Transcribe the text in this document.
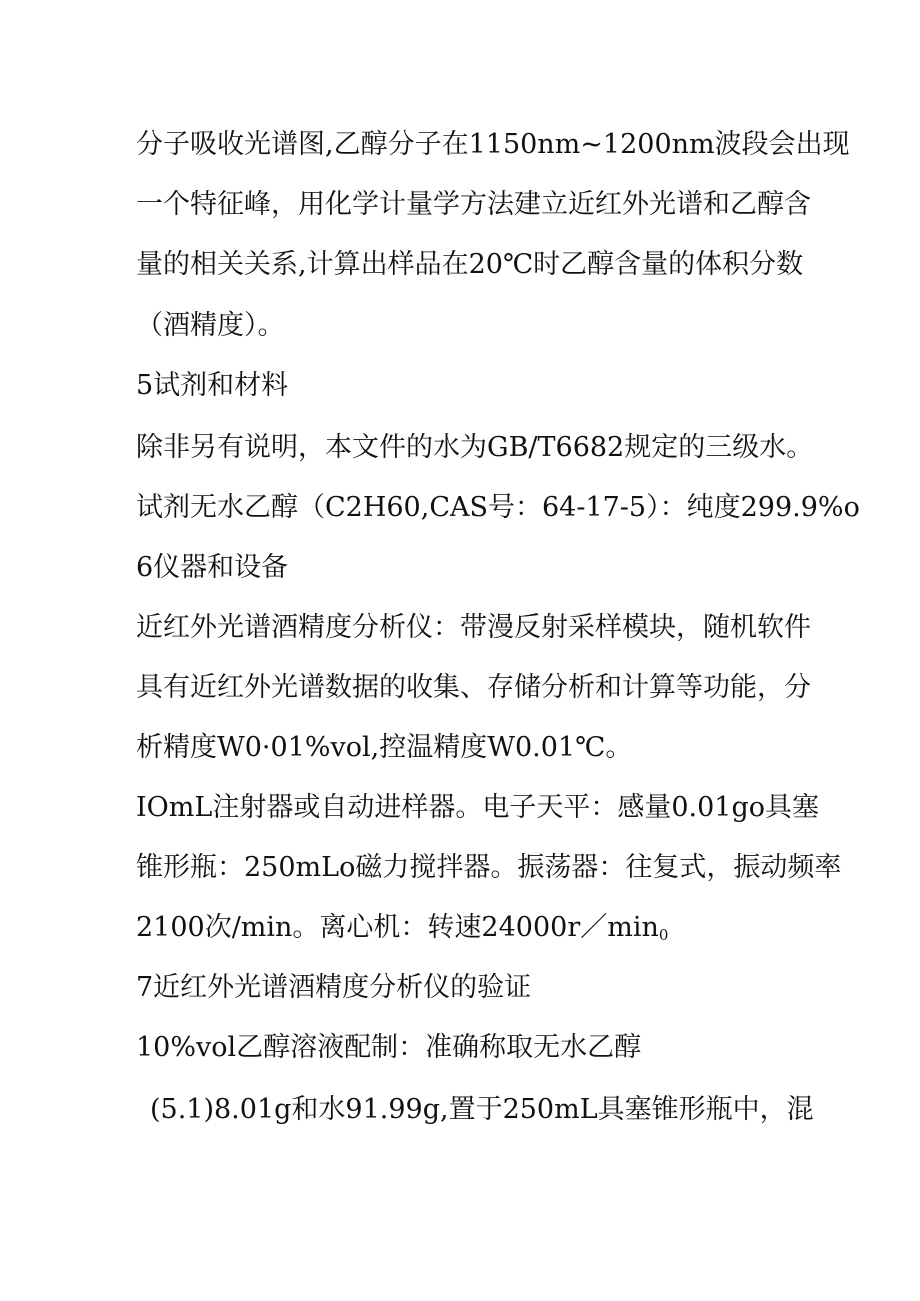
分子吸收光谱图,乙醇分子在1150nm~1200nm波段会出现
一个特征峰，用化学计量学方法建立近红外光谱和乙醇含
量的相关关系,计算出样品在20℃时乙醇含量的体积分数
（酒精度）。
5试剂和材料
除非另有说明，本文件的水为GB/T6682规定的三级水。
试剂无水乙醇（C2H60,CAS号：64-17-5）：纯度299.9%o
6仪器和设备
近红外光谱酒精度分析仪：带漫反射采样模块，随机软件
具有近红外光谱数据的收集、存储分析和计算等功能，分
析精度W0·01%vol,控温精度W0.01℃。
IOmL注射器或自动进样器。电子天平：感量0.01go具塞
锥形瓶：250mLo磁力搅拌器。振荡器：往复式，振动频率
2100次/min。离心机：转速$24000r/\min_0$
7近红外光谱酒精度分析仪的验证
10%vol乙醇溶液配制：准确称取无水乙醇
(5.1)8.01g和水91.99g,置于250mL具塞锥形瓶中，混
